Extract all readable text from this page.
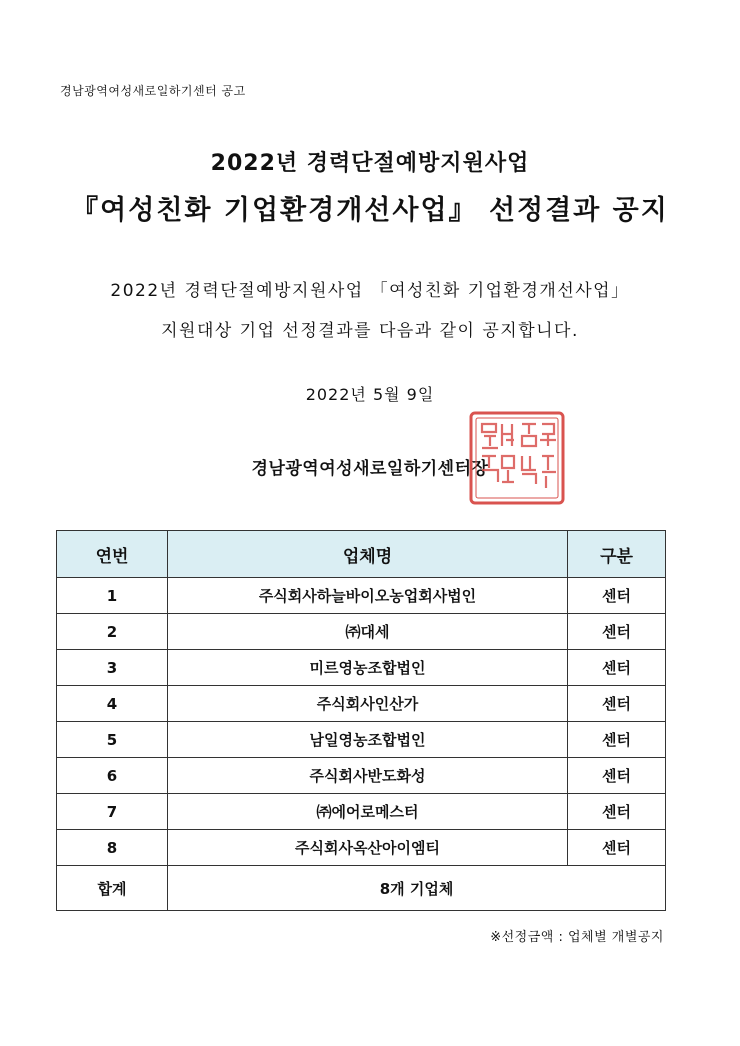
경남광역여성새로일하기센터 공고
2022년 경력단절예방지원사업
『여성친화 기업환경개선사업』 선정결과 공지
2022년 경력단절예방지원사업 「여성친화 기업환경개선사업」
지원대상 기업 선정결과를 다음과 같이 공지합니다.
2022년 5월 9일
경남광역여성새로일하기센터장
연번	업체명	구분
1	주식회사하늘바이오농업회사법인	센터
2	㈜대세	센터
3	미르영농조합법인	센터
4	주식회사인산가	센터
5	남일영농조합법인	센터
6	주식회사반도화성	센터
7	㈜에어로메스터	센터
8	주식회사옥산아이엠티	센터
합계	8개 기업체	
※선정금액 : 업체별 개별공지
